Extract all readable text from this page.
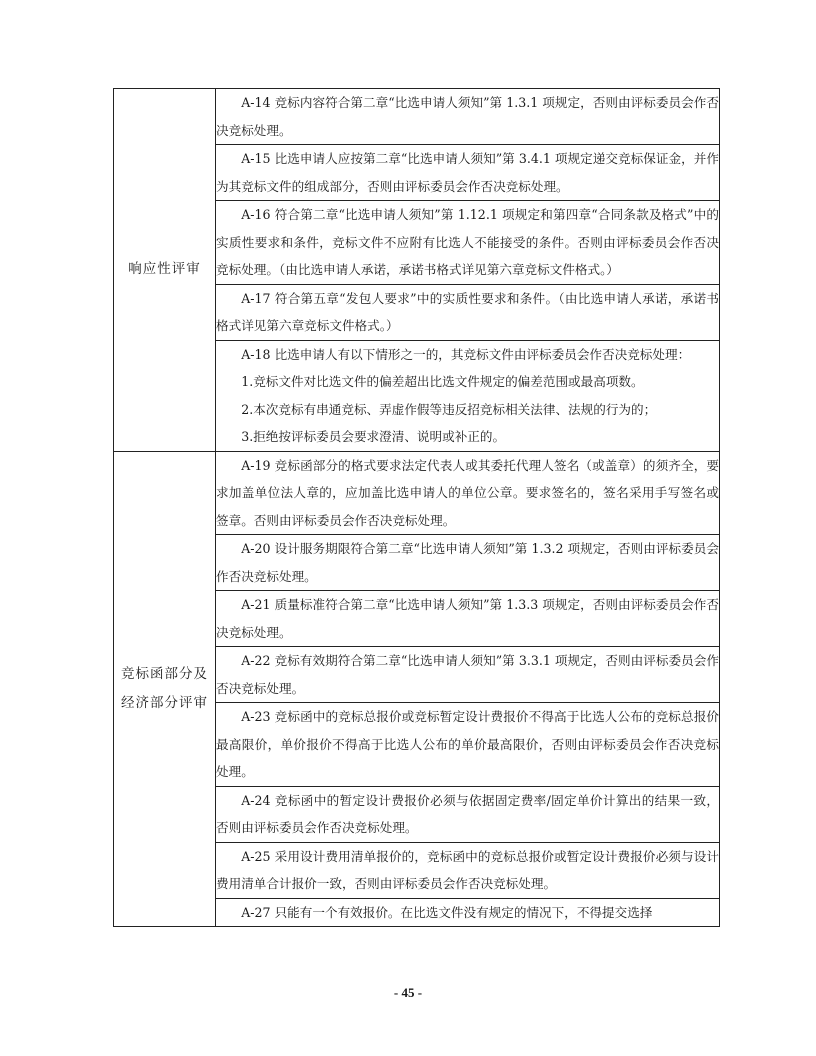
响应性评审	A-14 竞标内容符合第二章“比选申请人须知”第 1.3.1 项规定，否则由评标委员会作否决竞标处理。

	A-15 比选申请人应按第二章“比选申请人须知”第 3.4.1 项规定递交竞标保证金，并作为其竞标文件的组成部分，否则由评标委员会作否决竞标处理。

	A-16 符合第二章“比选申请人须知”第 1.12.1 项规定和第四章“合同条款及格式”中的实质性要求和条件，竞标文件不应附有比选人不能接受的条件。否则由评标委员会作否决竞标处理。（由比选申请人承诺，承诺书格式详见第六章竞标文件格式。）

	A-17 符合第五章“发包人要求”中的实质性要求和条件。（由比选申请人承诺，承诺书格式详见第六章竞标文件格式。）

	A-18 比选申请人有以下情形之一的，其竞标文件由评标委员会作否决竞标处理：

1.竞标文件对比选文件的偏差超出比选文件规定的偏差范围或最高项数。

2.本次竞标有串通竞标、弄虚作假等违反招竞标相关法律、法规的行为的；

3.拒绝按评标委员会要求澄清、说明或补正的。

竞标函部分及经济部分评审	A-19 竞标函部分的格式要求法定代表人或其委托代理人签名（或盖章）的须齐全，要求加盖单位法人章的，应加盖比选申请人的单位公章。要求签名的，签名采用手写签名或签章。否则由评标委员会作否决竞标处理。

	A-20 设计服务期限符合第二章“比选申请人须知”第 1.3.2 项规定，否则由评标委员会作否决竞标处理。

	A-21 质量标准符合第二章“比选申请人须知”第 1.3.3 项规定，否则由评标委员会作否决竞标处理。

	A-22 竞标有效期符合第二章“比选申请人须知”第 3.3.1 项规定，否则由评标委员会作否决竞标处理。

	A-23 竞标函中的竞标总报价或竞标暂定设计费报价不得高于比选人公布的竞标总报价最高限价，单价报价不得高于比选人公布的单价最高限价，否则由评标委员会作否决竞标处理。

	A-24 竞标函中的暂定设计费报价必须与依据固定费率/固定单价计算出的结果一致，否则由评标委员会作否决竞标处理。

	A-25 采用设计费用清单报价的，竞标函中的竞标总报价或暂定设计费报价必须与设计费用清单合计报价一致，否则由评标委员会作否决竞标处理。

	A-27 只能有一个有效报价。在比选文件没有规定的情况下，不得提交选择

- 45 -
